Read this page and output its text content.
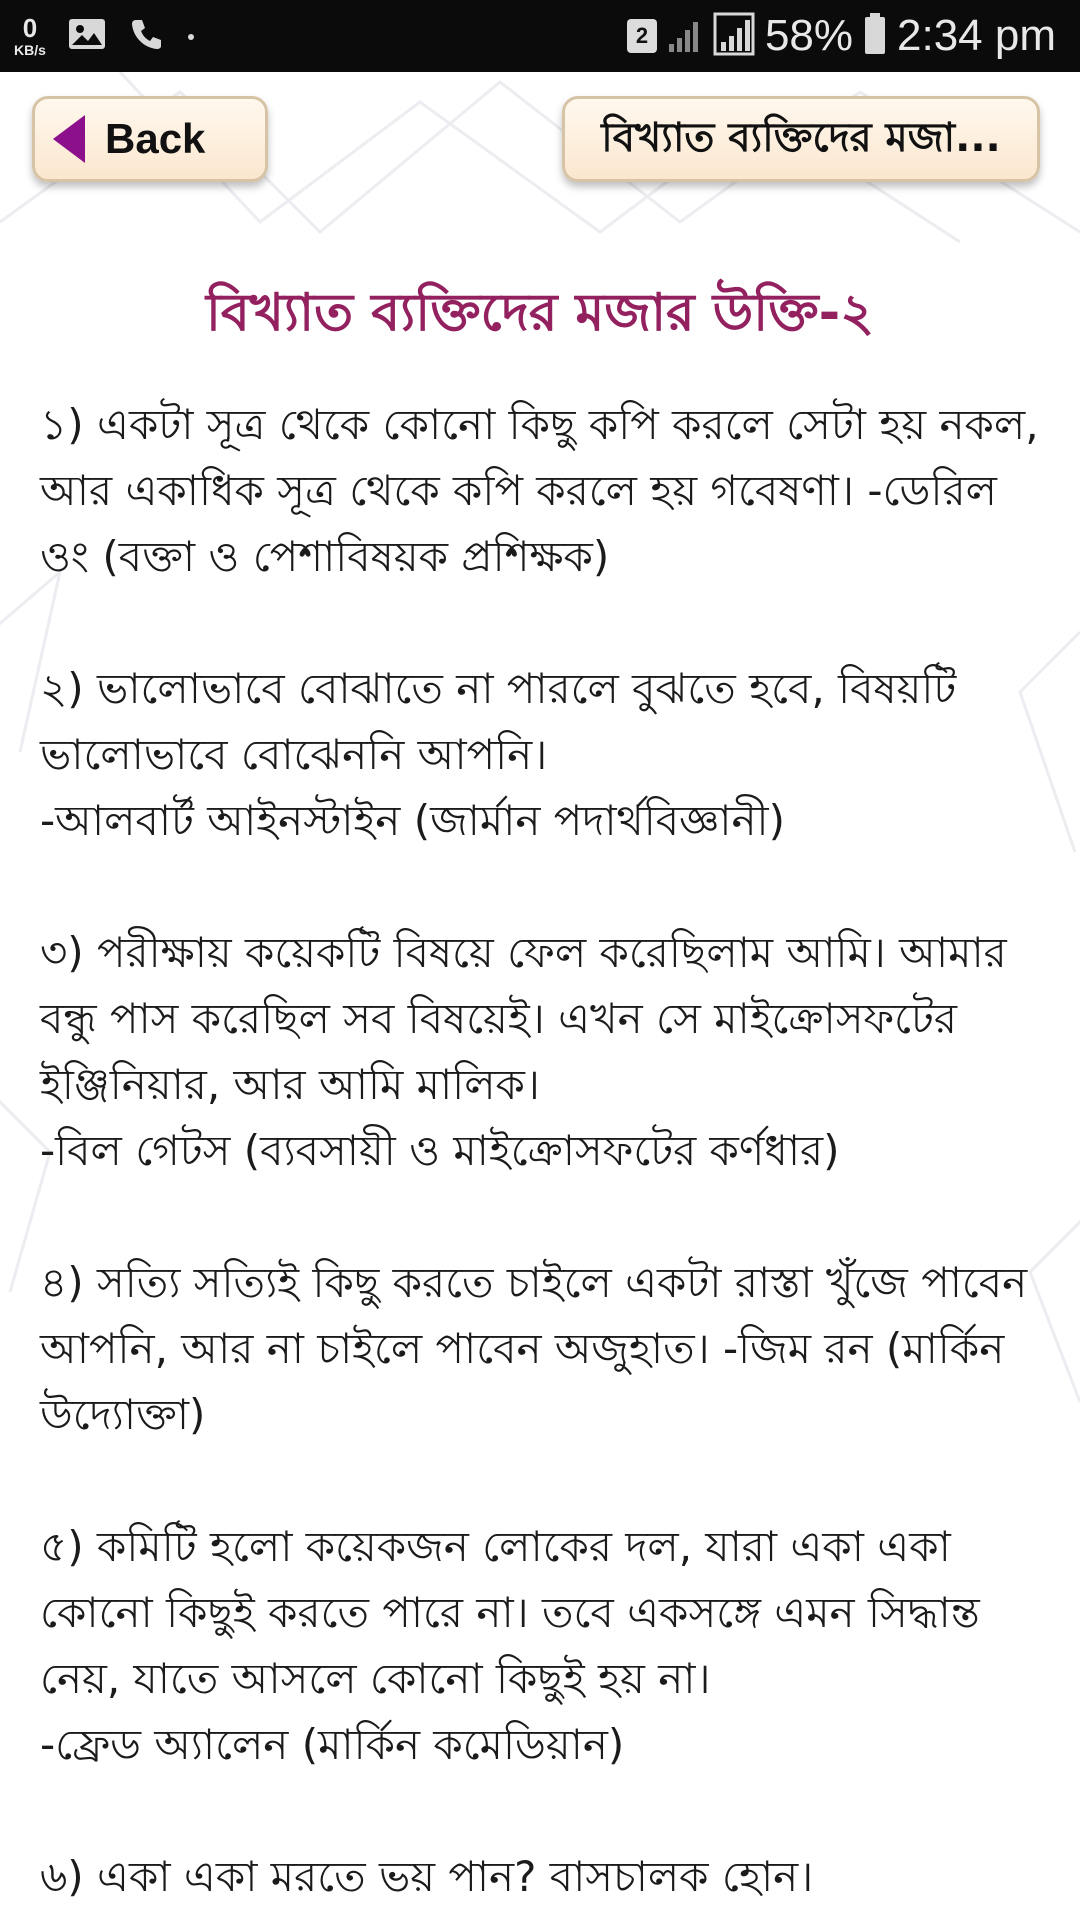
0
KB/s
2	58% 2:34 pm
Back	বিখ্যাত ব্যক্তিদের মজা...
বিখ্যাত ব্যক্তিদের মজার উক্তি-২

১) একটা সূত্র থেকে কোনো কিছু কপি করলে সেটা হয় নকল, আর একাধিক সূত্র থেকে কপি করলে হয় গবেষণা। -ডেরিল ওং (বক্তা ও পেশাবিষয়ক প্রশিক্ষক)

২) ভালোভাবে বোঝাতে না পারলে বুঝতে হবে, বিষয়টি ভালোভাবে বোঝেননি আপনি।
-আলবার্ট আইনস্টাইন (জার্মান পদার্থবিজ্ঞানী)

৩) পরীক্ষায় কয়েকটি বিষয়ে ফেল করেছিলাম আমি। আমার বন্ধু পাস করেছিল সব বিষয়েই। এখন সে মাইক্রোসফটের ইঞ্জিনিয়ার, আর আমি মালিক।
-বিল গেটস (ব্যবসায়ী ও মাইক্রোসফটের কর্ণধার)

৪) সত্যি সত্যিই কিছু করতে চাইলে একটা রাস্তা খুঁজে পাবেন আপনি, আর না চাইলে পাবেন অজুহাত। -জিম রন (মার্কিন উদ্যোক্তা)

৫) কমিটি হলো কয়েকজন লোকের দল, যারা একা একা কোনো কিছুই করতে পারে না। তবে একসঙ্গে এমন সিদ্ধান্ত নেয়, যাতে আসলে কোনো কিছুই হয় না।
-ফ্রেড অ্যালেন (মার্কিন কমেডিয়ান)

৬) একা একা মরতে ভয় পান? বাসচালক হোন।
